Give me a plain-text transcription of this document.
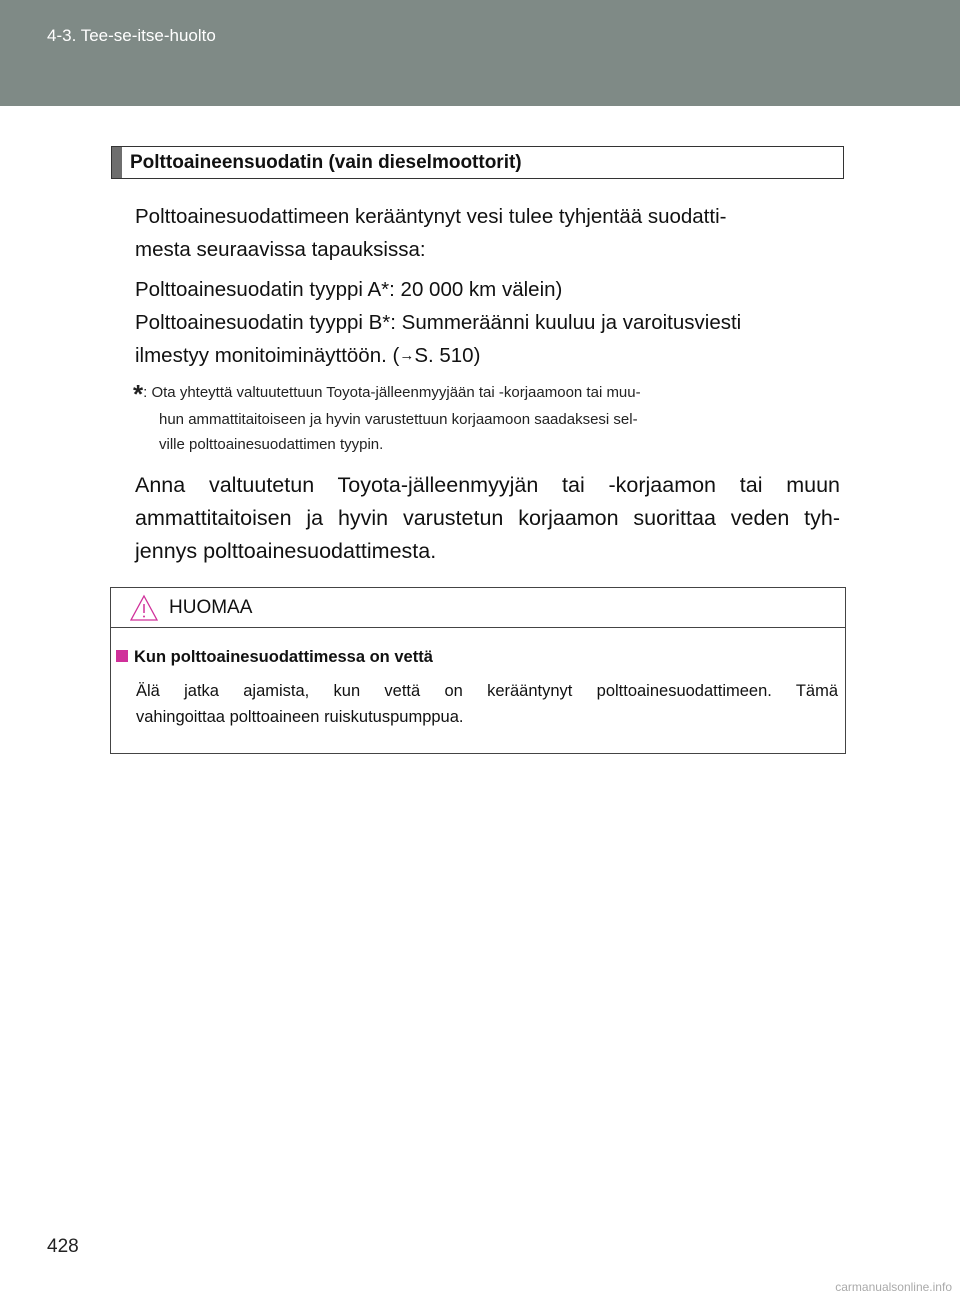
4-3. Tee-se-itse-huolto
Polttoaineensuodatin (vain dieselmoottorit)
Polttoainesuodattimeen kerääntynyt vesi tulee tyhjentää suodatti-
mesta seuraavissa tapauksissa:
Polttoainesuodatin tyyppi A*: 20 000 km välein)
Polttoainesuodatin tyyppi B*: Summeräänni kuuluu ja varoitusviesti
ilmestyy monitoiminäyttöön. (→S. 510)
*: Ota yhteyttä valtuutettuun Toyota-jälleenmyyjään tai -korjaamoon tai muu-
hun ammattitaitoiseen ja hyvin varustettuun korjaamoon saadaksesi sel-
ville polttoainesuodattimen tyypin.
Anna valtuutetun Toyota-jälleenmyyjän tai -korjaamon tai muun
ammattitaitoisen ja hyvin varustetun korjaamon suorittaa veden tyh-
jennys polttoainesuodattimesta.
HUOMAA
Kun polttoainesuodattimessa on vettä
Älä jatka ajamista, kun vettä on kerääntynyt polttoainesuodattimeen. Tämä
vahingoittaa polttoaineen ruiskutuspumppua.
428
carmanualsonline.info
